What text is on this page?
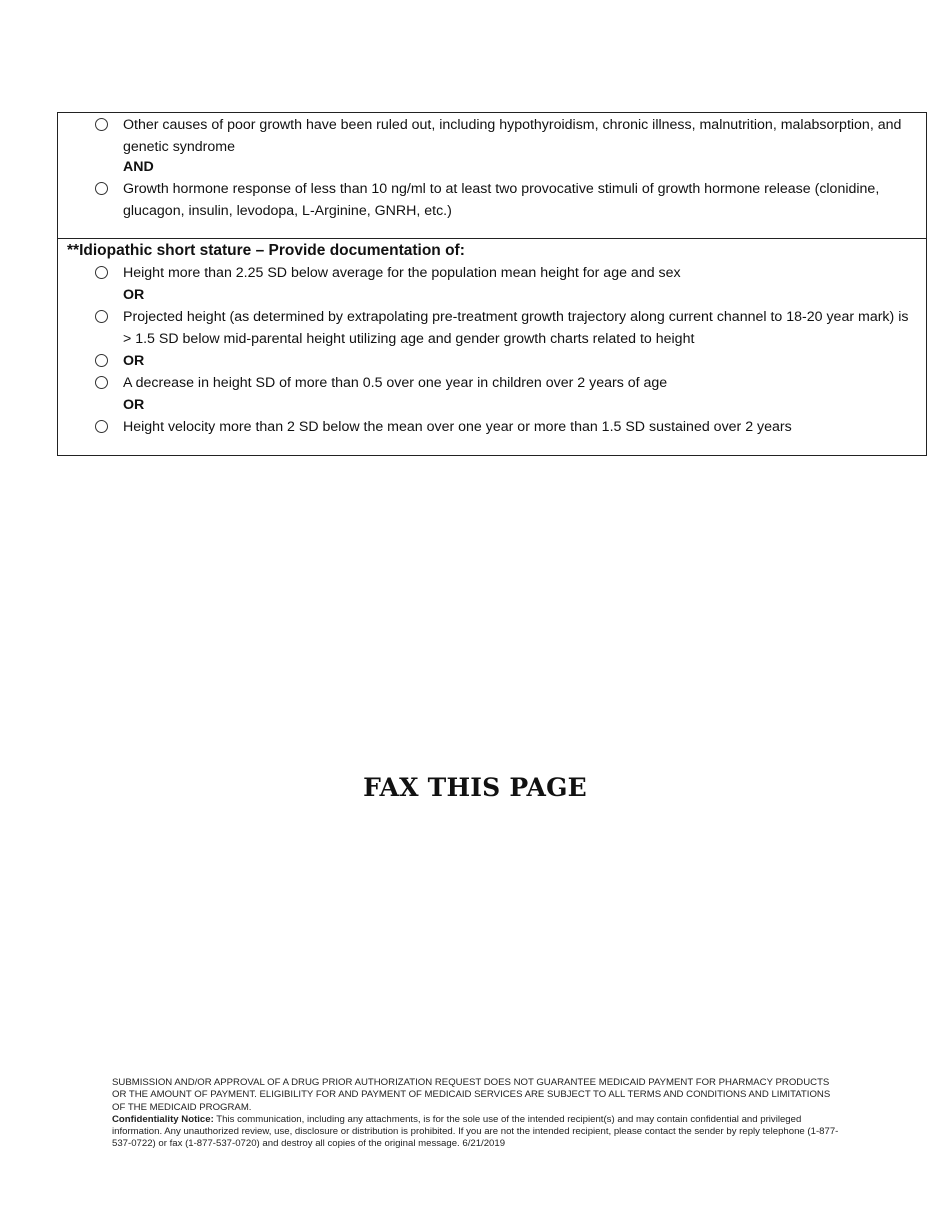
Other causes of poor growth have been ruled out, including hypothyroidism, chronic illness, malnutrition, malabsorption, and genetic syndrome
AND
Growth hormone response of less than 10 ng/ml to at least two provocative stimuli of growth hormone release (clonidine, glucagon, insulin, levodopa, L-Arginine, GNRH, etc.)
**Idiopathic short stature – Provide documentation of:
Height more than 2.25 SD below average for the population mean height for age and sex
OR
Projected height (as determined by extrapolating pre-treatment growth trajectory along current channel to 18-20 year mark) is > 1.5 SD below mid-parental height utilizing age and gender growth charts related to height
OR
A decrease in height SD of more than 0.5 over one year in children over 2 years of age
OR
Height velocity more than 2 SD below the mean over one year or more than 1.5 SD sustained over 2 years
FAX THIS PAGE
SUBMISSION AND/OR APPROVAL OF A DRUG PRIOR AUTHORIZATION REQUEST DOES NOT GUARANTEE MEDICAID PAYMENT FOR PHARMACY PRODUCTS OR THE AMOUNT OF PAYMENT. ELIGIBILITY FOR AND PAYMENT OF MEDICAID SERVICES ARE SUBJECT TO ALL TERMS AND CONDITIONS AND LIMITATIONS OF THE MEDICAID PROGRAM.
Confidentiality Notice: This communication, including any attachments, is for the sole use of the intended recipient(s) and may contain confidential and privileged information. Any unauthorized review, use, disclosure or distribution is prohibited. If you are not the intended recipient, please contact the sender by reply telephone (1-877-537-0722) or fax (1-877-537-0720) and destroy all copies of the original message. 6/21/2019
